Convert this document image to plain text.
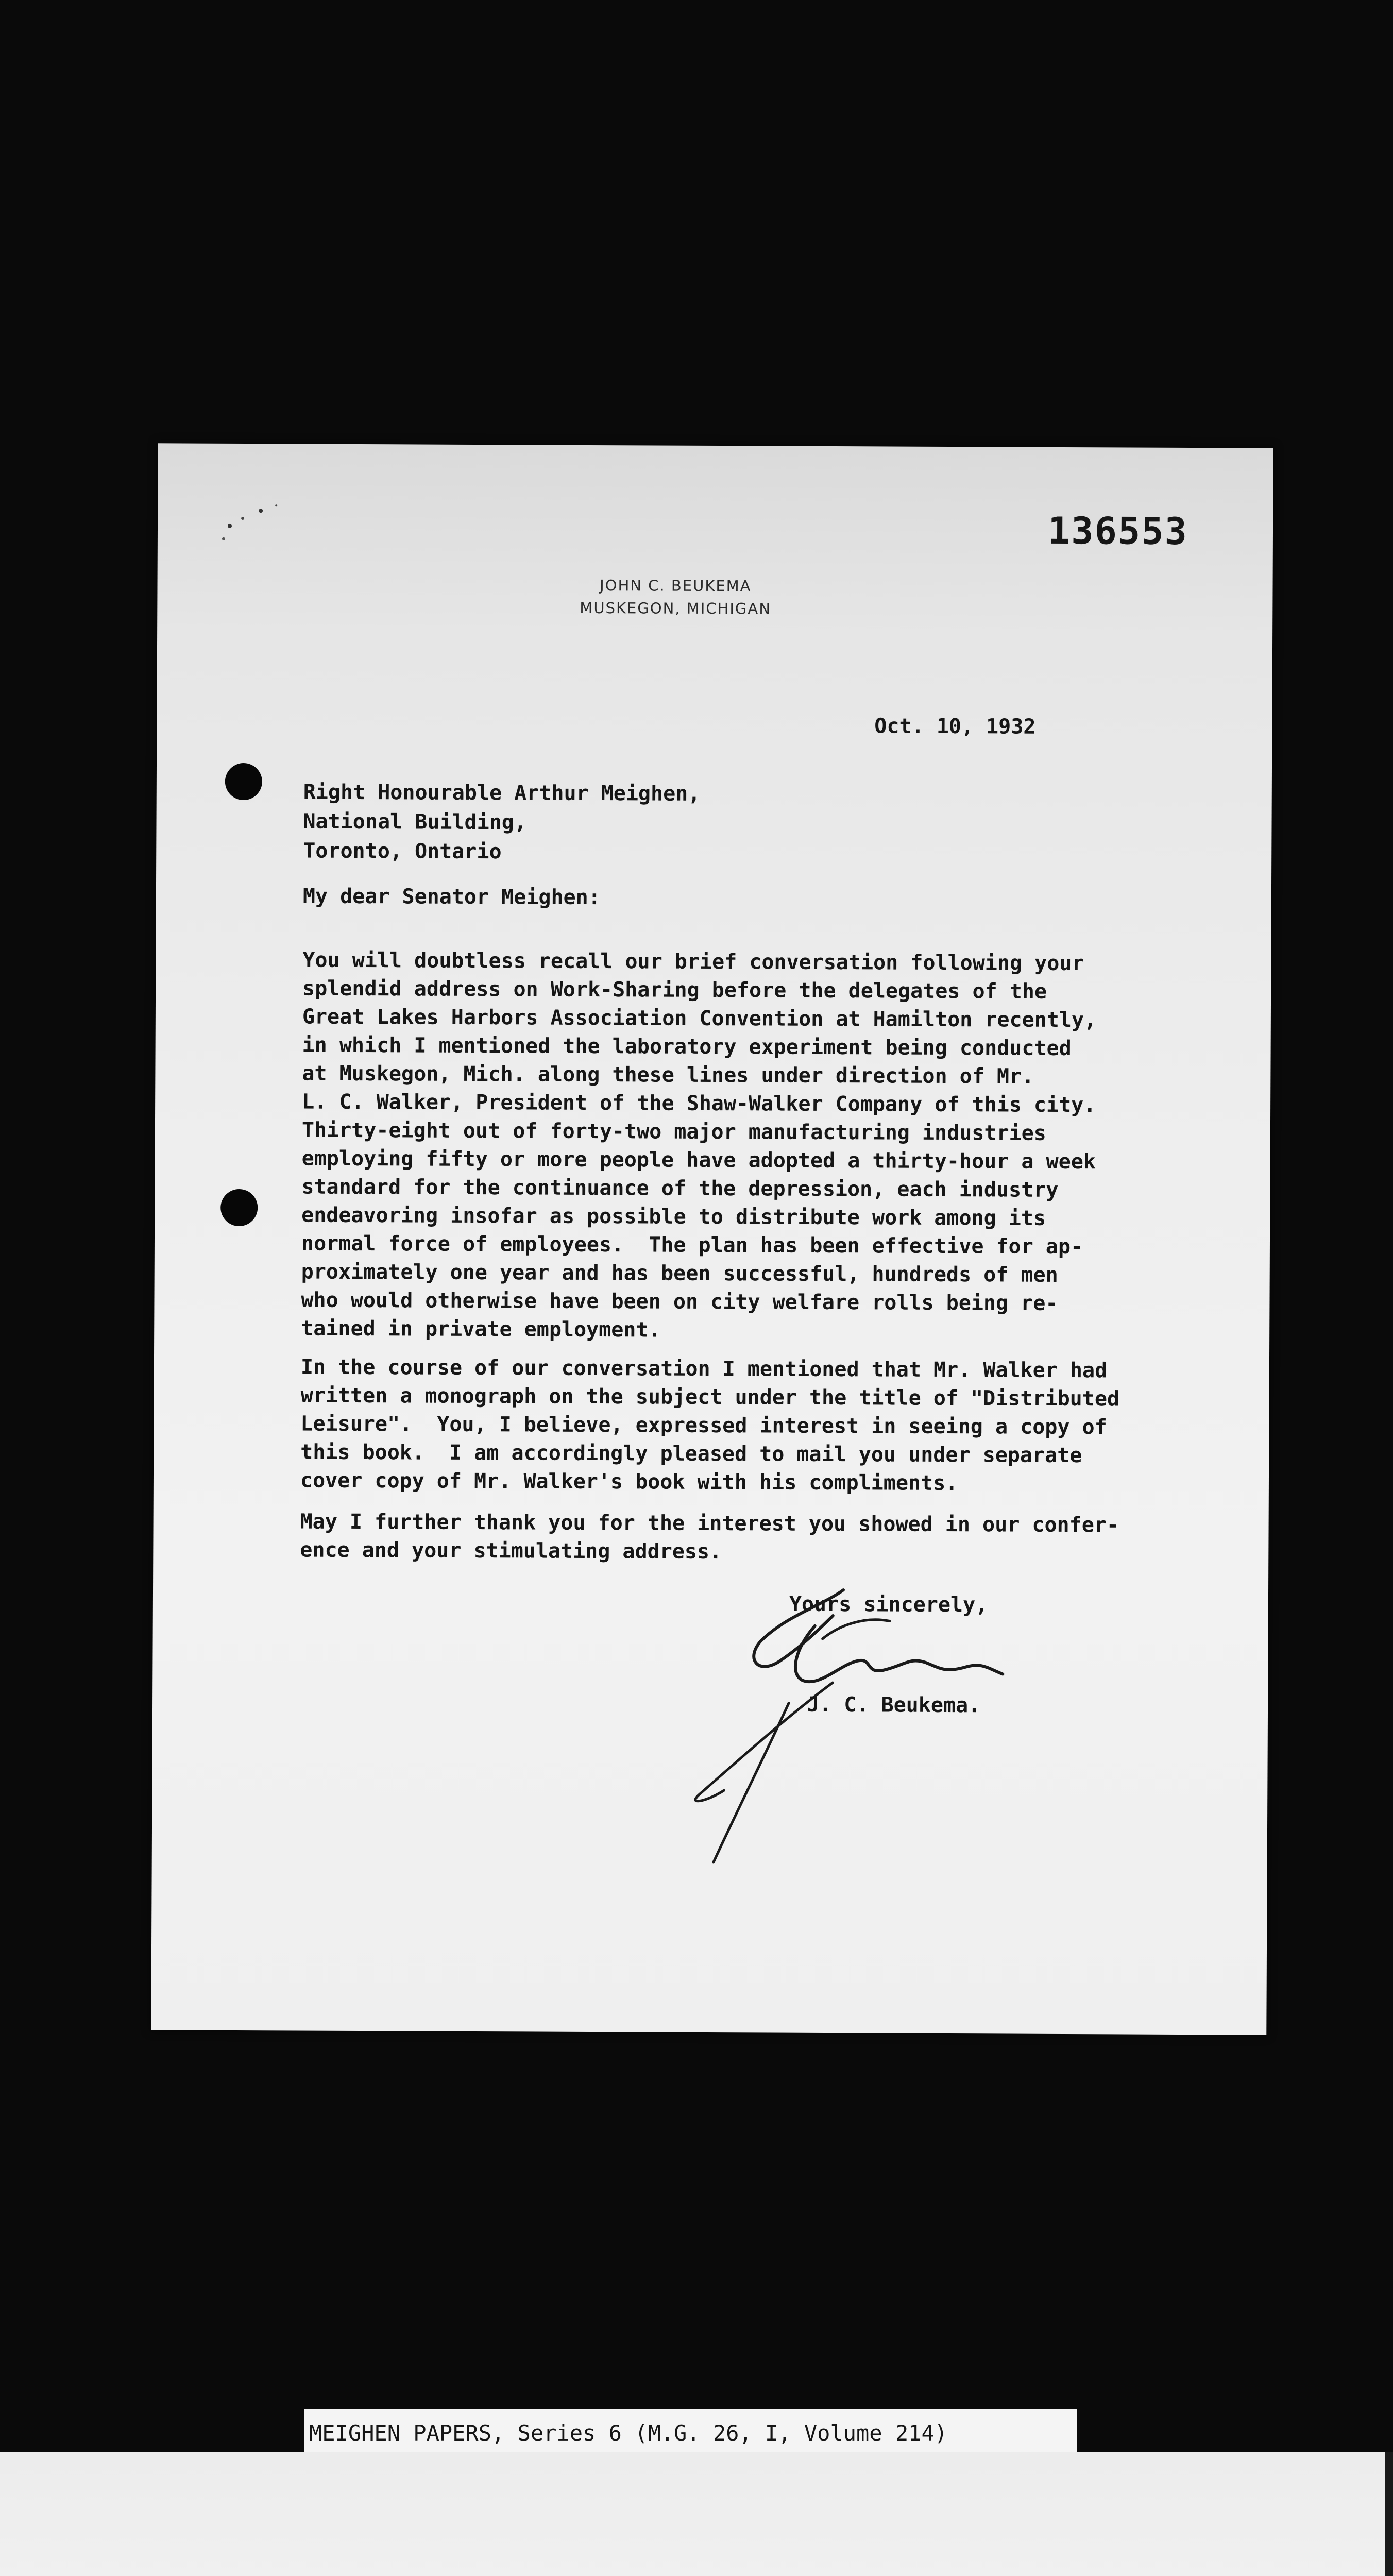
136553
JOHN C. BEUKEMA
MUSKEGON, MICHIGAN
Oct. 10, 1932
Right Honourable Arthur Meighen,
National Building,
Toronto, Ontario
My dear Senator Meighen:
You will doubtless recall our brief conversation following your
splendid address on Work-Sharing before the delegates of the
Great Lakes Harbors Association Convention at Hamilton recently,
in which I mentioned the laboratory experiment being conducted
at Muskegon, Mich. along these lines under direction of Mr.
L. C. Walker, President of the Shaw-Walker Company of this city.
Thirty-eight out of forty-two major manufacturing industries
employing fifty or more people have adopted a thirty-hour a week
standard for the continuance of the depression, each industry
endeavoring insofar as possible to distribute work among its
normal force of employees.  The plan has been effective for ap-
proximately one year and has been successful, hundreds of men
who would otherwise have been on city welfare rolls being re-
tained in private employment.
In the course of our conversation I mentioned that Mr. Walker had
written a monograph on the subject under the title of "Distributed
Leisure".  You, I believe, expressed interest in seeing a copy of
this book.  I am accordingly pleased to mail you under separate
cover copy of Mr. Walker's book with his compliments.
May I further thank you for the interest you showed in our confer-
ence and your stimulating address.
Yours sincerely,
J. C. Beukema.
MEIGHEN PAPERS, Series 6 (M.G. 26, I, Volume 214)
